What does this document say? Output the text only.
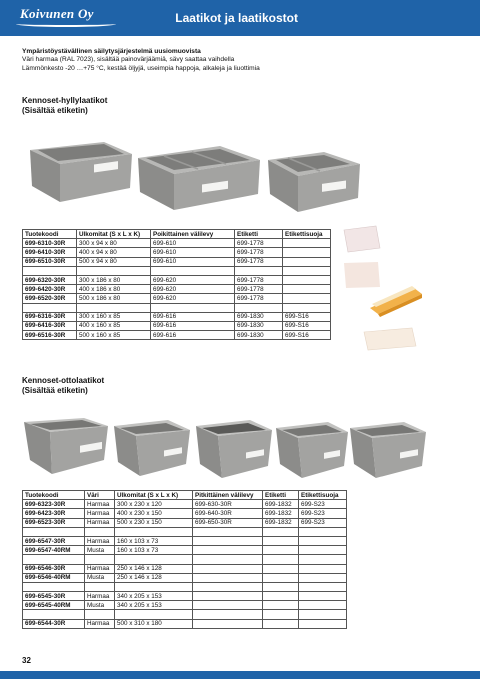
Koivunen Oy	Laatikot ja laatikostot
Ympäristöystävällinen säilytysjärjestelmä uusiomuovista
Väri harmaa (RAL 7023), sisältää painovärjäämiä, sävy saattaa vaihdella
Lämmönkesto -20 …+75 °C, kestää öljyjä, useimpia happoja, alkaleja ja liuottimia
Kennoset-hyllylaatikot
(Sisältää etiketin)
Tuotekoodi	Ulkomitat (S x L x K)	Poikittainen välilevy	Etiketti	Etikettisuoja
699-6310-30R	300 x 94 x 80	699-610	699-1778	
699-6410-30R	400 x 94 x 80	699-610	699-1778	
699-6510-30R	500 x 94 x 80	699-610	699-1778	

699-6320-30R	300 x 186 x 80	699-620	699-1778	
699-6420-30R	400 x 186 x 80	699-620	699-1778	
699-6520-30R	500 x 186 x 80	699-620	699-1778	

699-6316-30R	300 x 160 x 85	699-616	699-1830	699-S16
699-6416-30R	400 x 160 x 85	699-616	699-1830	699-S16
699-6516-30R	500 x 160 x 85	699-616	699-1830	699-S16
Kennoset-ottolaatikot
(Sisältää etiketin)
Tuotekoodi	Väri	Ulkomitat (S x L x K)	Pitkittäinen välilevy	Etiketti	Etikettisuoja
699-6323-30R	Harmaa	300 x 230 x 120	699-630-30R	699-1832	699-S23
699-6423-30R	Harmaa	400 x 230 x 150	699-640-30R	699-1832	699-S23
699-6523-30R	Harmaa	500 x 230 x 150	699-650-30R	699-1832	699-S23

699-6547-30R	Harmaa	160 x 103 x 73			
699-6547-40RM	Musta	160 x 103 x 73			

699-6546-30R	Harmaa	250 x 146 x 128			
699-6546-40RM	Musta	250 x 146 x 128			

699-6545-30R	Harmaa	340 x 205 x 153			
699-6545-40RM	Musta	340 x 205 x 153			

699-6544-30R	Harmaa	500 x 310 x 180			
32
